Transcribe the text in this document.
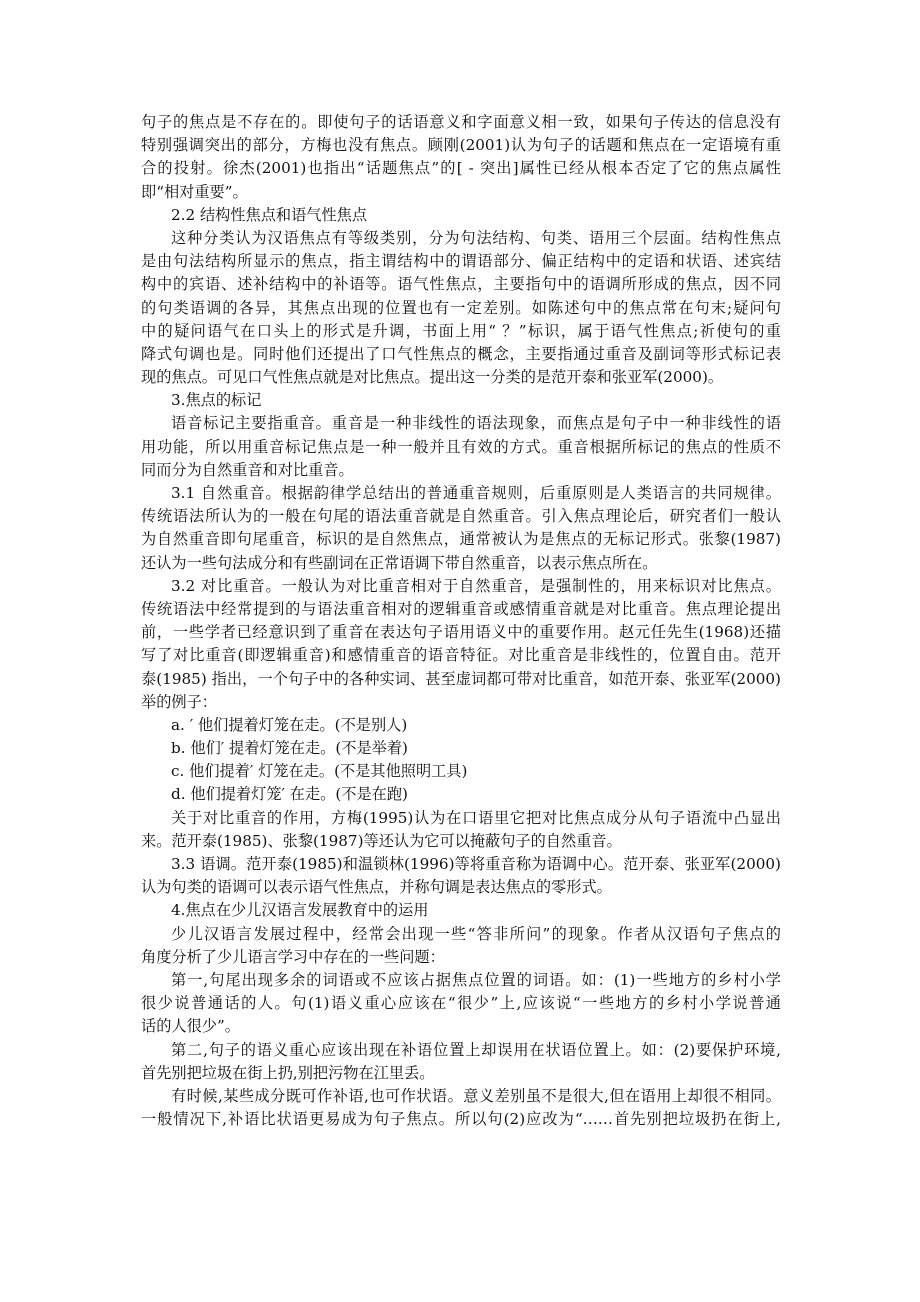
句子的焦点是不存在的。即使句子的话语意义和字面意义相一致，如果句子传达的信息没有
特别强调突出的部分，方梅也没有焦点。顾刚(2001)认为句子的话题和焦点在一定语境有重
合的投射。徐杰(2001)也指出“话题焦点”的[ - 突出]属性已经从根本否定了它的焦点属性
即“相对重要”。
2.2 结构性焦点和语气性焦点
这种分类认为汉语焦点有等级类别，分为句法结构、句类、语用三个层面。结构性焦点
是由句法结构所显示的焦点，指主谓结构中的谓语部分、偏正结构中的定语和状语、述宾结
构中的宾语、述补结构中的补语等。语气性焦点，主要指句中的语调所形成的焦点，因不同
的句类语调的各异，其焦点出现的位置也有一定差别。如陈述句中的焦点常在句末;疑问句
中的疑问语气在口头上的形式是升调，书面上用“ ？”标识，属于语气性焦点;祈使句的重
降式句调也是。同时他们还提出了口气性焦点的概念，主要指通过重音及副词等形式标记表
现的焦点。可见口气性焦点就是对比焦点。提出这一分类的是范开泰和张亚军(2000)。
3.焦点的标记
语音标记主要指重音。重音是一种非线性的语法现象，而焦点是句子中一种非线性的语
用功能，所以用重音标记焦点是一种一般并且有效的方式。重音根据所标记的焦点的性质不
同而分为自然重音和对比重音。
3.1 自然重音。根据韵律学总结出的普通重音规则，后重原则是人类语言的共同规律。
传统语法所认为的一般在句尾的语法重音就是自然重音。引入焦点理论后，研究者们一般认
为自然重音即句尾重音，标识的是自然焦点，通常被认为是焦点的无标记形式。张黎(1987)
还认为一些句法成分和有些副词在正常语调下带自然重音，以表示焦点所在。
3.2 对比重音。一般认为对比重音相对于自然重音，是强制性的，用来标识对比焦点。
传统语法中经常提到的与语法重音相对的逻辑重音或感情重音就是对比重音。焦点理论提出
前，一些学者已经意识到了重音在表达句子语用语义中的重要作用。赵元任先生(1968)还描
写了对比重音(即逻辑重音)和感情重音的语音特征。对比重音是非线性的，位置自由。范开
泰(1985) 指出，一个句子中的各种实词、甚至虚词都可带对比重音，如范开泰、张亚军(2000)
举的例子：
a. ′ 他们提着灯笼在走。(不是别人)
b. 他们′ 提着灯笼在走。(不是举着)
c. 他们提着′ 灯笼在走。(不是其他照明工具)
d. 他们提着灯笼′ 在走。(不是在跑)
关于对比重音的作用，方梅(1995)认为在口语里它把对比焦点成分从句子语流中凸显出
来。范开泰(1985)、张黎(1987)等还认为它可以掩蔽句子的自然重音。
3.3 语调。范开泰(1985)和温锁林(1996)等将重音称为语调中心。范开泰、张亚军(2000)
认为句类的语调可以表示语气性焦点，并称句调是表达焦点的零形式。
4.焦点在少儿汉语言发展教育中的运用
少儿汉语言发展过程中，经常会出现一些“答非所问”的现象。作者从汉语句子焦点的
角度分析了少儿语言学习中存在的一些问题：
第一,句尾出现多余的词语或不应该占据焦点位置的词语。如：(1)一些地方的乡村小学
很少说普通话的人。句(1)语义重心应该在“很少”上,应该说“一些地方的乡村小学说普通
话的人很少”。
第二,句子的语义重心应该出现在补语位置上却误用在状语位置上。如：(2)要保护环境,
首先别把垃圾在街上扔,别把污物在江里丢。
有时候,某些成分既可作补语,也可作状语。意义差别虽不是很大,但在语用上却很不相同。
一般情况下,补语比状语更易成为句子焦点。所以句(2)应改为“……首先别把垃圾扔在街上,
